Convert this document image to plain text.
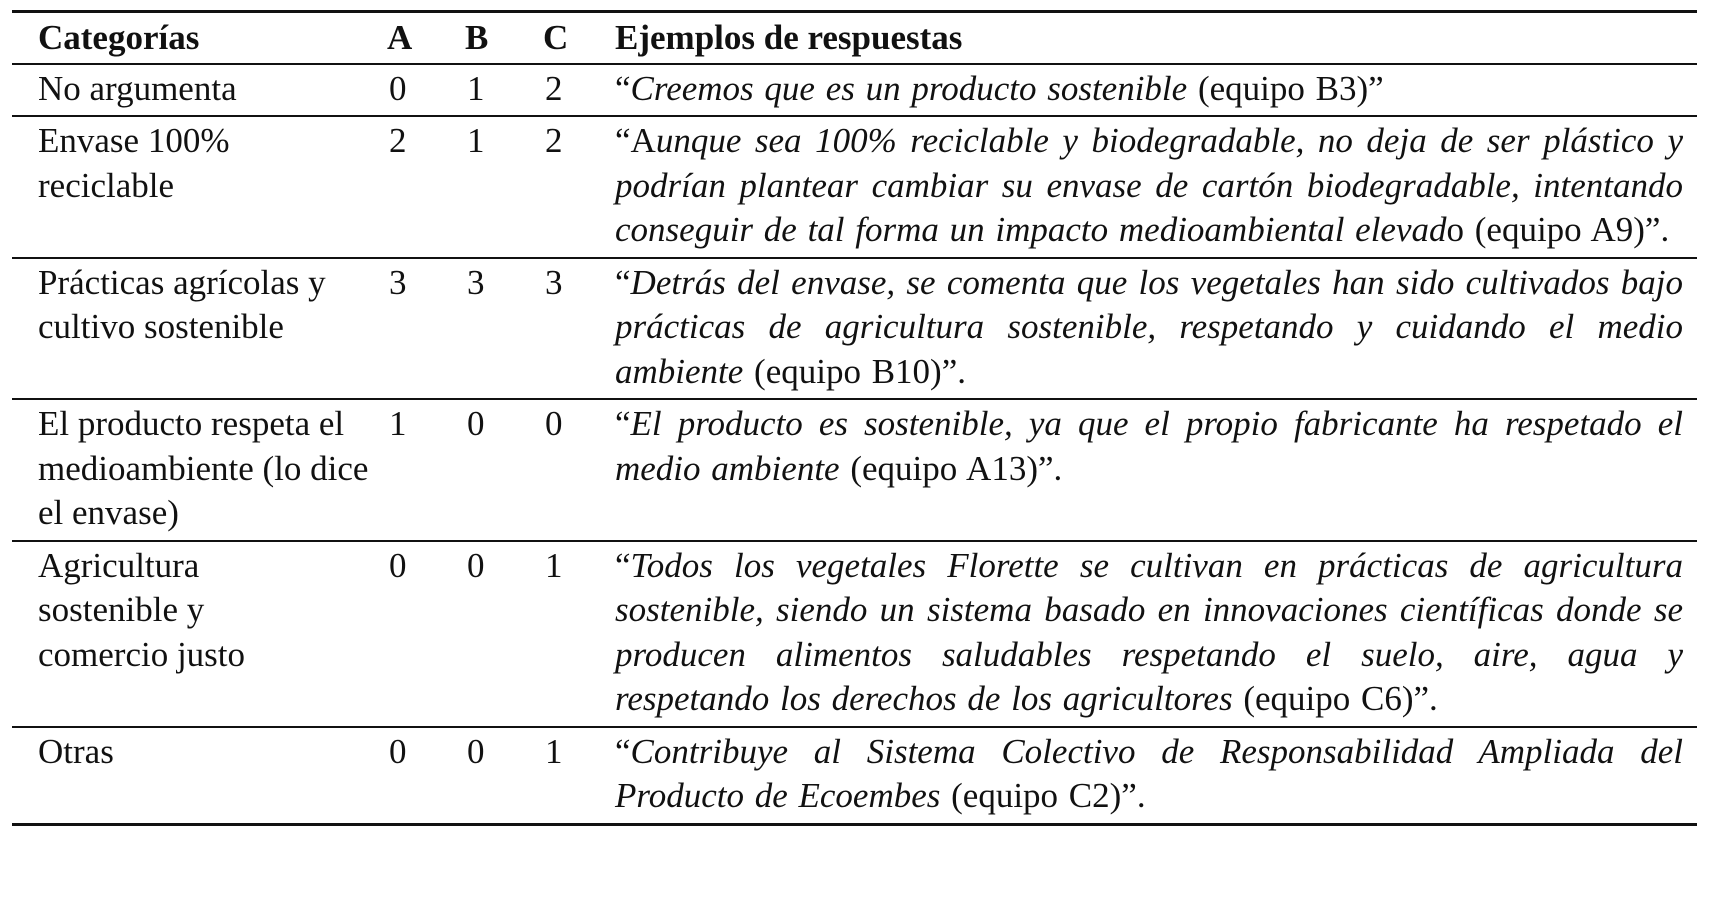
Categorías	A	B	C	Ejemplos de respuestas

No argumenta	0	1	2	“Creemos que es un producto sostenible (equipo B3)”

Envase 100% reciclable	2	1	2	“Aunque sea 100% reciclable y biodegradable, no deja de ser plástico y podrían plantear cambiar su envase de cartón biodegradable, intentando conseguir de tal forma un impacto medioambiental elevado (equipo A9)”.

Prácticas agrícolas y cultivo sostenible	3	3	3	“Detrás del envase, se comenta que los vegetales han sido cultivados bajo prácticas de agricultura sostenible, respetando y cuidando el medio ambiente (equipo B10)”.

El producto respeta el medioambiente (lo dice el envase)	1	0	0	“El producto es sostenible, ya que el propio fabricante ha respetado el medio ambiente (equipo A13)”.

Agricultura sostenible y comercio justo	0	0	1	“Todos los vegetales Florette se cultivan en prácticas de agricultura sostenible, siendo un sistema basado en innovaciones científicas donde se producen alimentos saludables respetando el suelo, aire, agua y respetando los derechos de los agricultores (equipo C6)”.

Otras	0	0	1	“Contribuye al Sistema Colectivo de Responsabilidad Ampliada del Producto de Ecoembes (equipo C2)”.
